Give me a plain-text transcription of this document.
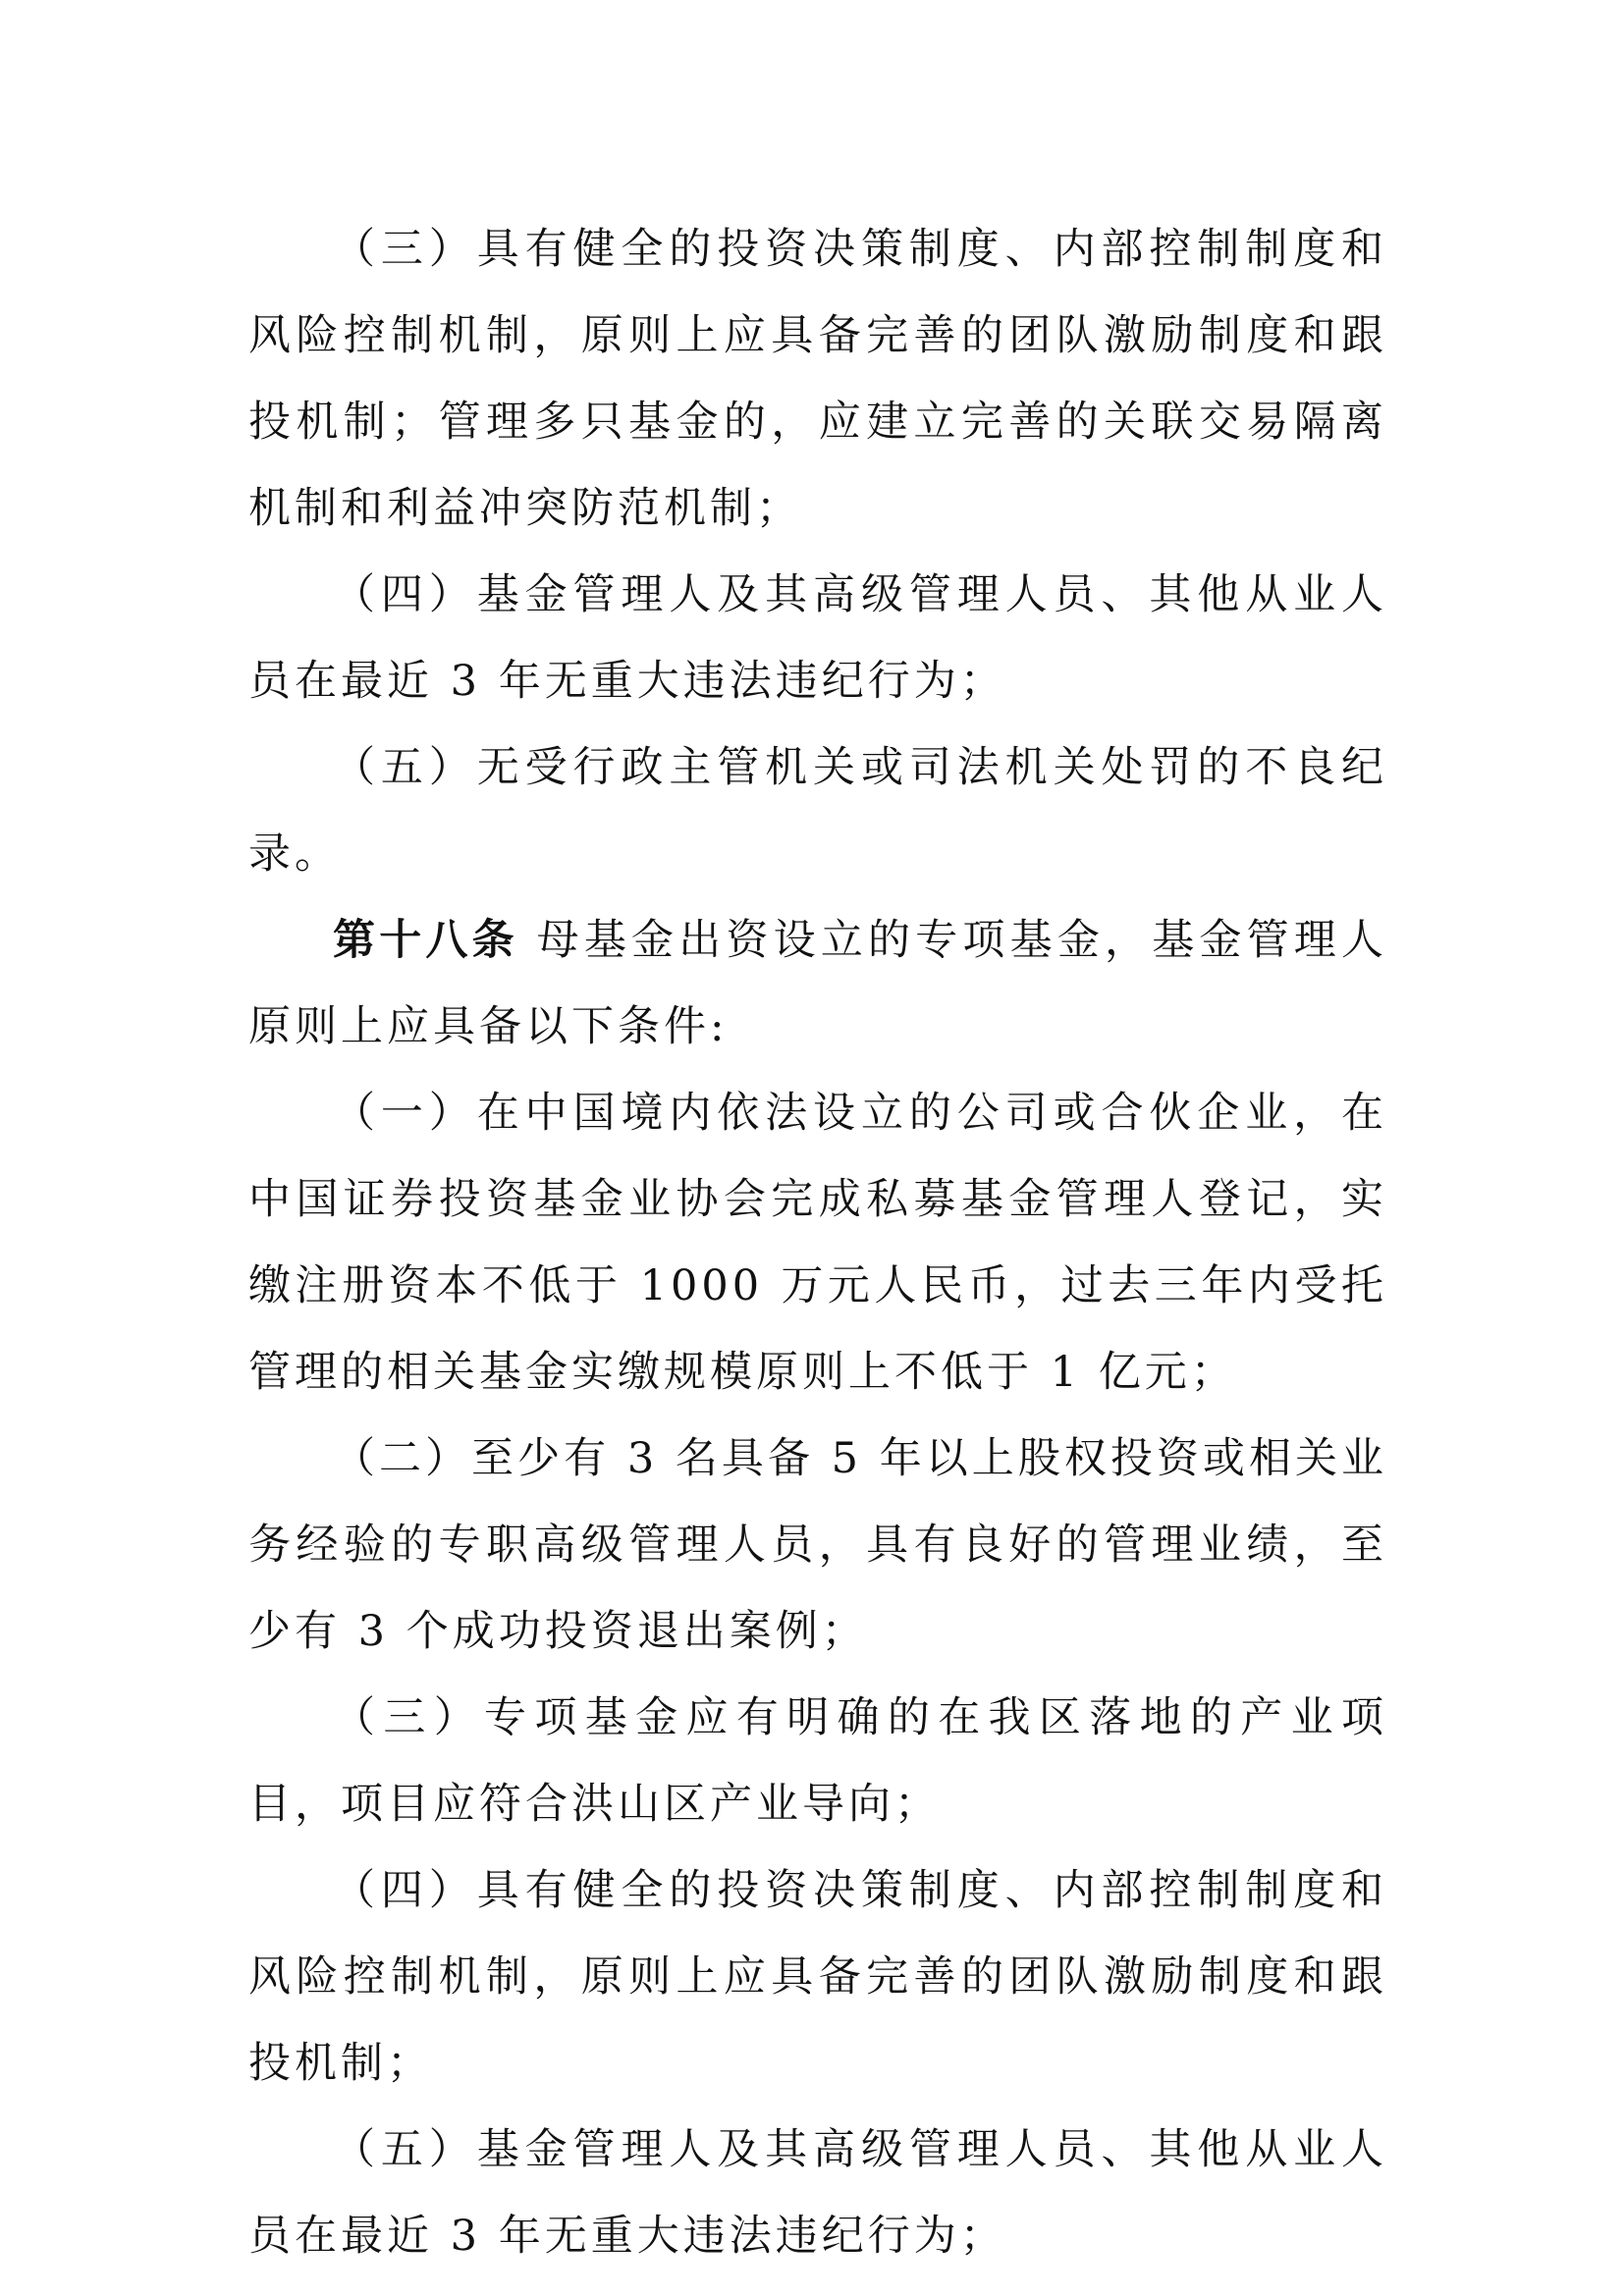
（三）具有健全的投资决策制度、内部控制制度和风险控制机制，原则上应具备完善的团队激励制度和跟投机制；管理多只基金的，应建立完善的关联交易隔离机制和利益冲突防范机制；

（四）基金管理人及其高级管理人员、其他从业人员在最近 3 年无重大违法违纪行为；

（五）无受行政主管机关或司法机关处罚的不良纪录。

第十八条 母基金出资设立的专项基金，基金管理人原则上应具备以下条件:

（一）在中国境内依法设立的公司或合伙企业，在中国证券投资基金业协会完成私募基金管理人登记，实缴注册资本不低于 1000 万元人民币，过去三年内受托管理的相关基金实缴规模原则上不低于 1 亿元；

（二）至少有 3 名具备 5 年以上股权投资或相关业务经验的专职高级管理人员，具有良好的管理业绩，至少有 3 个成功投资退出案例；

（三）专项基金应有明确的在我区落地的产业项目，项目应符合洪山区产业导向；

（四）具有健全的投资决策制度、内部控制制度和风险控制机制，原则上应具备完善的团队激励制度和跟投机制；

（五）基金管理人及其高级管理人员、其他从业人员在最近 3 年无重大违法违纪行为；
